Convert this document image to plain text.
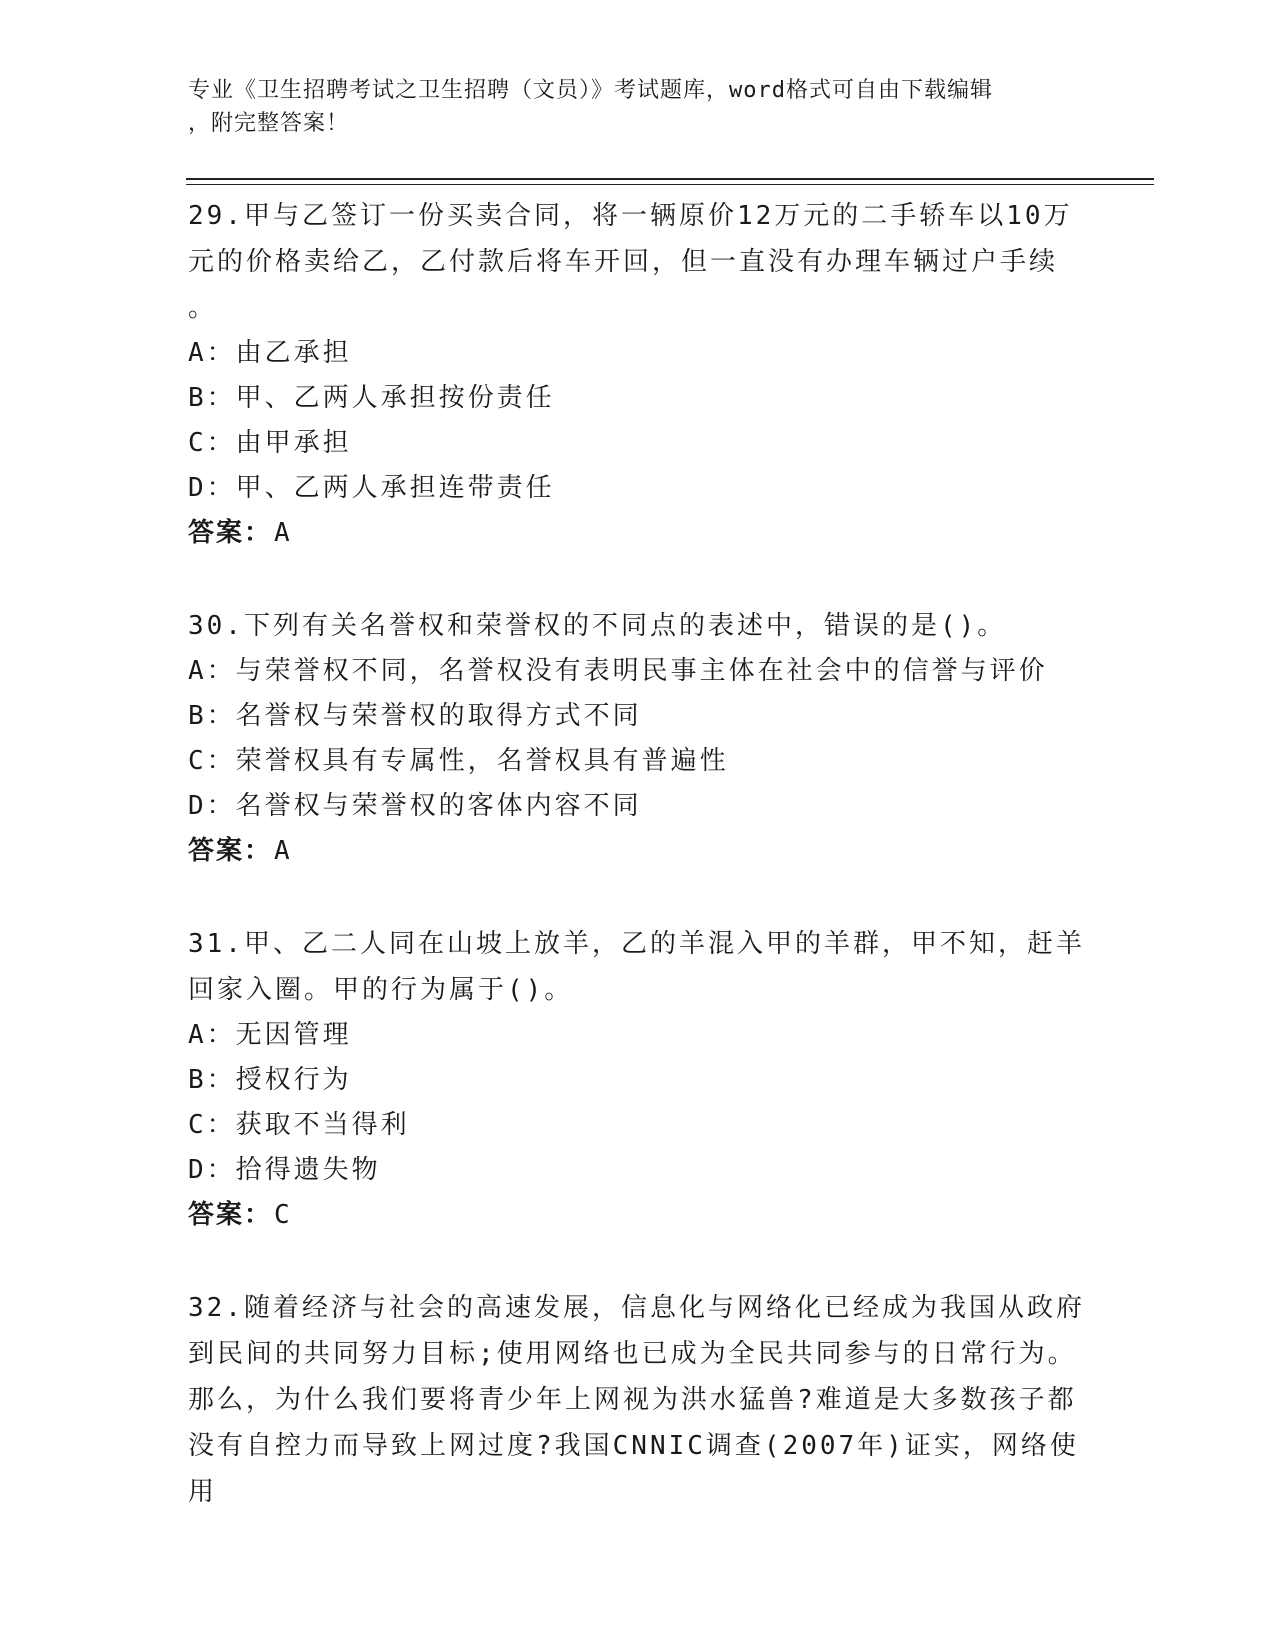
专业《卫生招聘考试之卫生招聘（文员）》考试题库，word格式可自由下载编辑
，附完整答案！
29.甲与乙签订一份买卖合同，将一辆原价12万元的二手轿车以10万元的价格卖给乙，乙付款后将车开回，但一直没有办理车辆过户手续
。
A：由乙承担
B：甲、乙两人承担按份责任
C：由甲承担
D：甲、乙两人承担连带责任
答案：A
30.下列有关名誉权和荣誉权的不同点的表述中，错误的是()。
A：与荣誉权不同，名誉权没有表明民事主体在社会中的信誉与评价
B：名誉权与荣誉权的取得方式不同
C：荣誉权具有专属性，名誉权具有普遍性
D：名誉权与荣誉权的客体内容不同
答案：A
31.甲、乙二人同在山坡上放羊，乙的羊混入甲的羊群，甲不知，赶羊回家入圈。甲的行为属于()。
A：无因管理
B：授权行为
C：获取不当得利
D：拾得遗失物
答案：C
32.随着经济与社会的高速发展，信息化与网络化已经成为我国从政府到民间的共同努力目标;使用网络也已成为全民共同参与的日常行为。那么，为什么我们要将青少年上网视为洪水猛兽?难道是大多数孩子都没有自控力而导致上网过度?我国CNNIC调查(2007年)证实，网络使用
